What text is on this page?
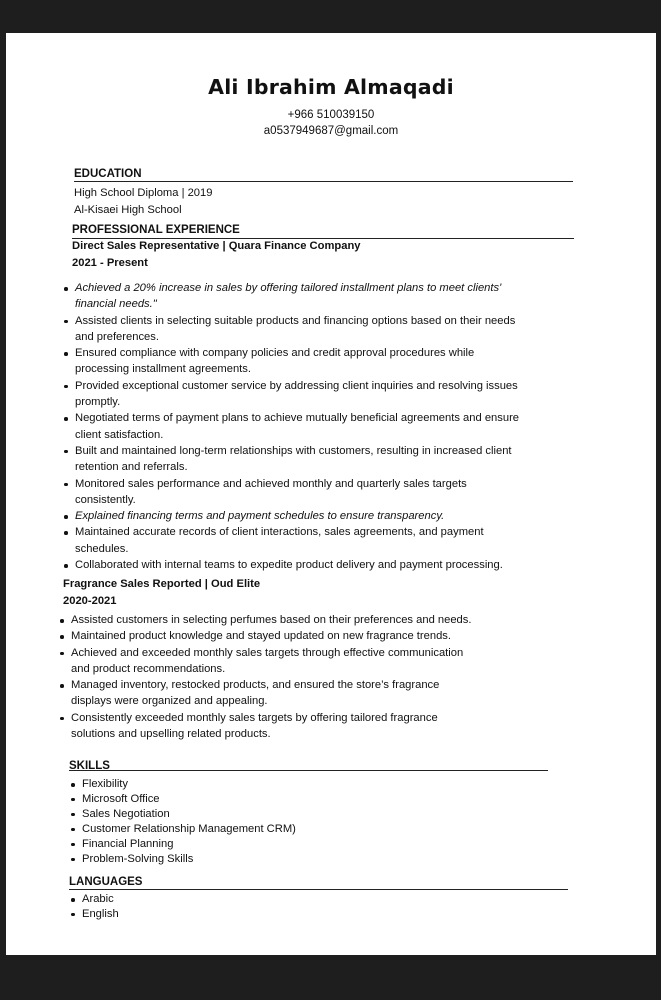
Ali Ibrahim Almaqadi
+966 510039150
a0537949687@gmail.com
EDUCATION
High School Diploma | 2019
Al-Kisaei High School
PROFESSIONAL EXPERIENCE
Direct Sales Representative | Quara Finance Company
2021 - Present
Achieved a 20% increase in sales by offering tailored installment plans to meet clients'
financial needs."
Assisted clients in selecting suitable products and financing options based on their needs
and preferences.
Ensured compliance with company policies and credit approval procedures while
processing installment agreements.
Provided exceptional customer service by addressing client inquiries and resolving issues
promptly.
Negotiated terms of payment plans to achieve mutually beneficial agreements and ensure
client satisfaction.
Built and maintained long-term relationships with customers, resulting in increased client
retention and referrals.
Monitored sales performance and achieved monthly and quarterly sales targets
consistently.
Explained financing terms and payment schedules to ensure transparency.
Maintained accurate records of client interactions, sales agreements, and payment
schedules.
Collaborated with internal teams to expedite product delivery and payment processing.
Fragrance Sales Reported | Oud Elite
2020-2021
Assisted customers in selecting perfumes based on their preferences and needs.
Maintained product knowledge and stayed updated on new fragrance trends.
Achieved and exceeded monthly sales targets through effective communication
and product recommendations.
Managed inventory, restocked products, and ensured the store’s fragrance
displays were organized and appealing.
Consistently exceeded monthly sales targets by offering tailored fragrance
solutions and upselling related products.
SKILLS
Flexibility
Microsoft Office
Sales Negotiation
Customer Relationship Management CRM)
Financial Planning
Problem-Solving Skills
LANGUAGES
Arabic
English
